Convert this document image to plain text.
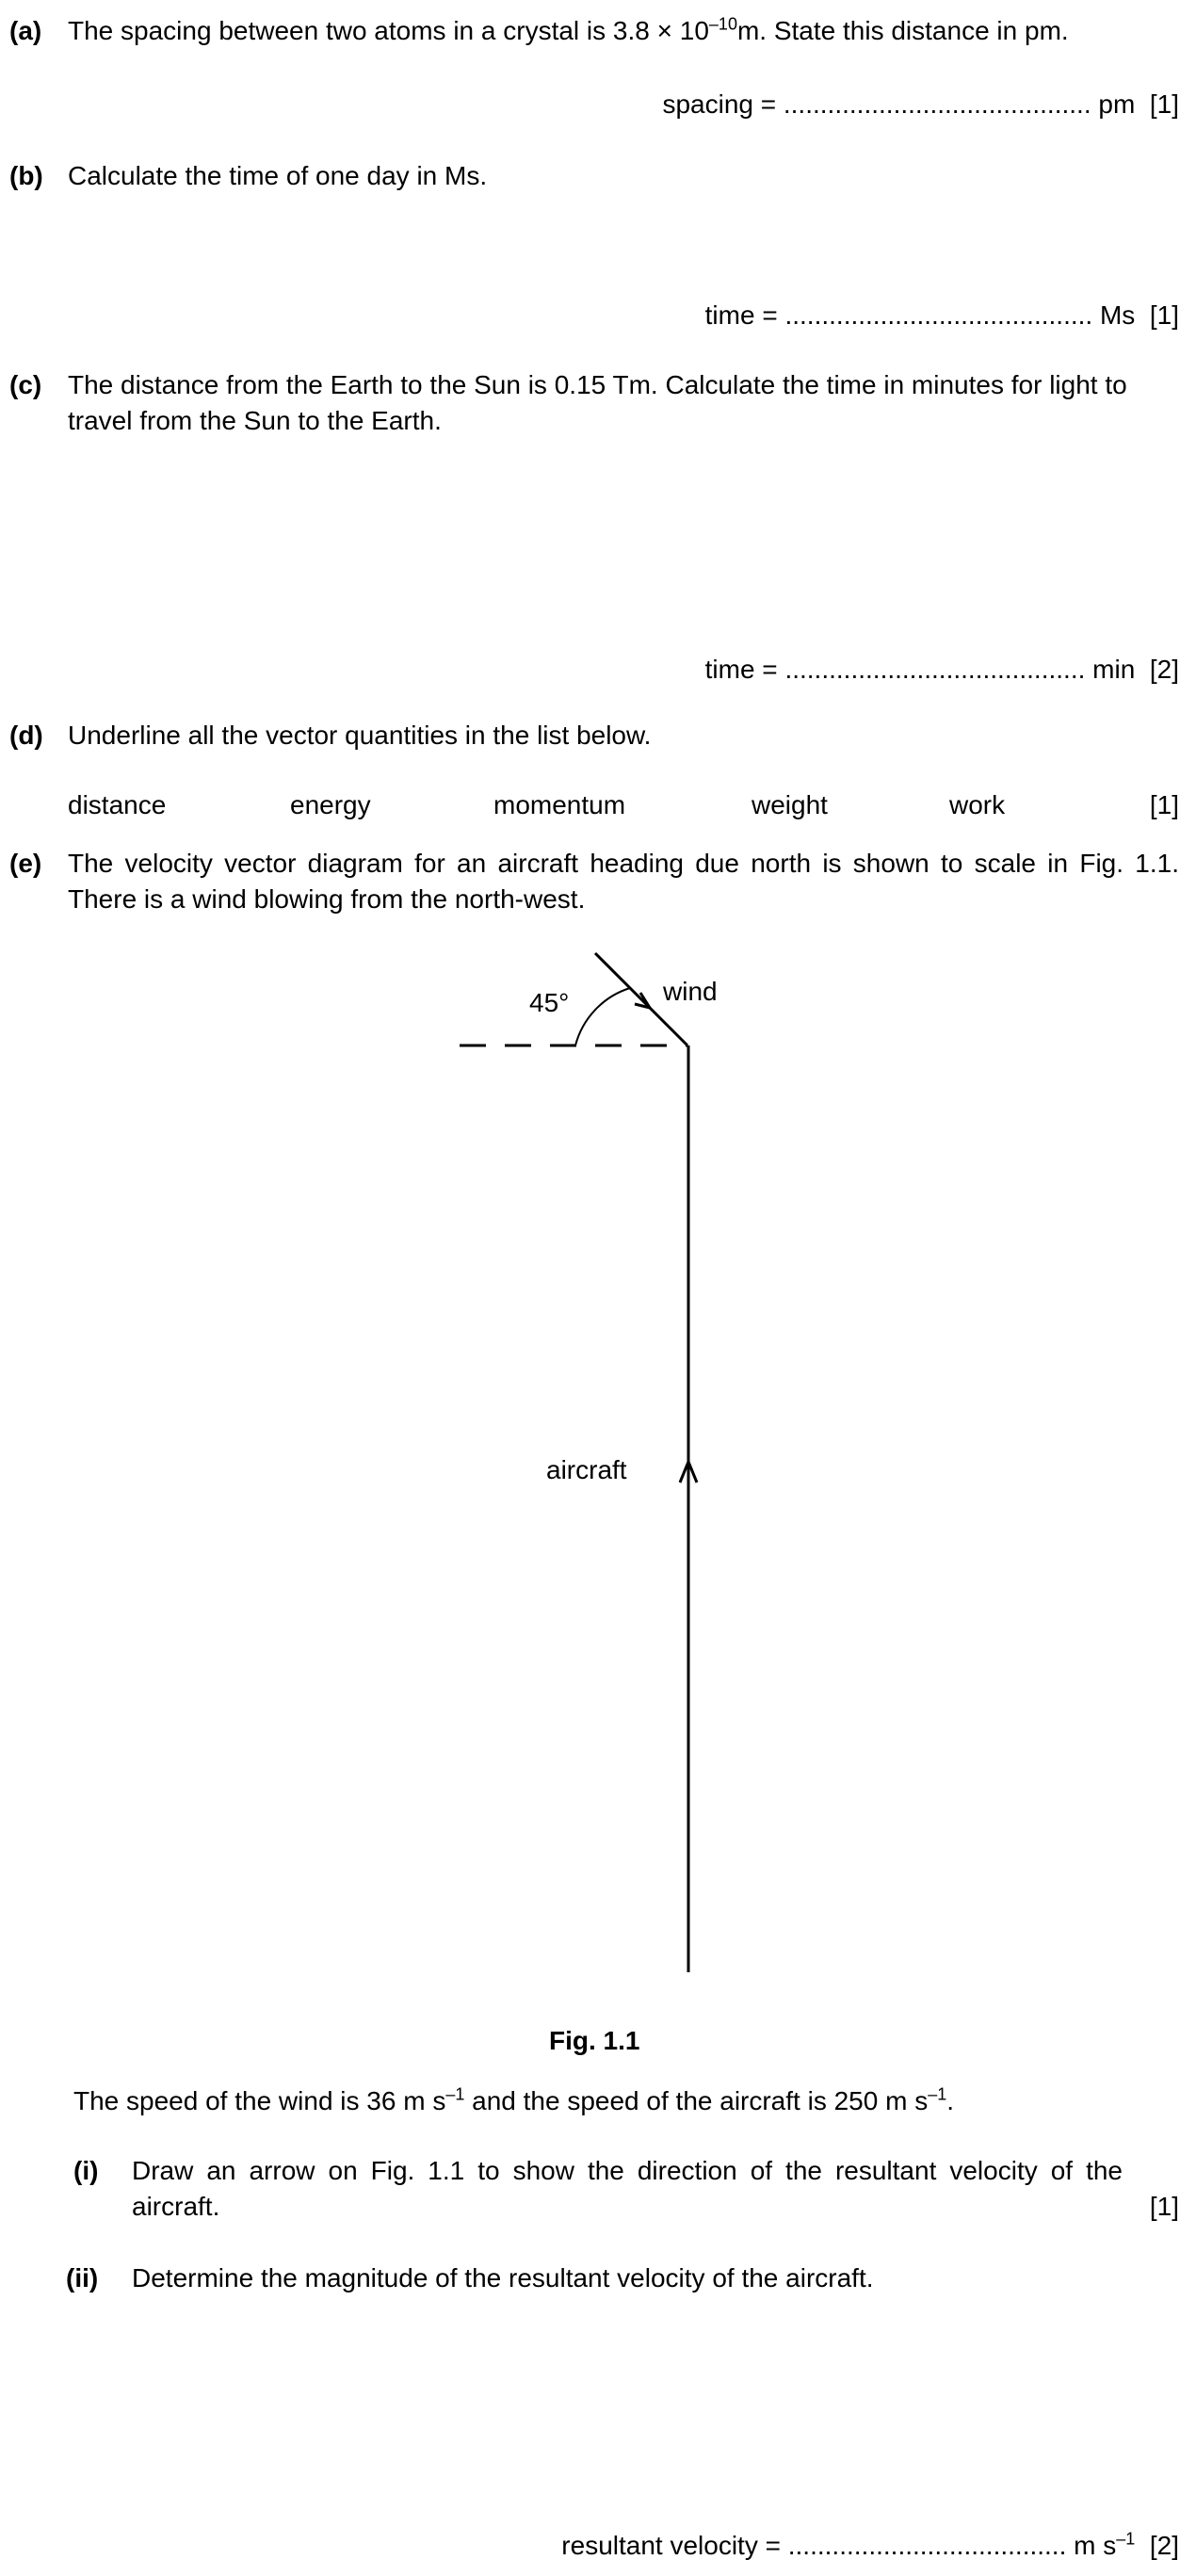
(a) The spacing between two atoms in a crystal is $3.8 \times 10^{-10}m$. State this distance in pm.
spacing = .......................................... pm [1]
(b) Calculate the time of one day in Ms.
time = .......................................... Ms [1]
(c) The distance from the Earth to the Sun is 0.15 Tm. Calculate the time in minutes for light to travel from the Sun to the Earth.
time = ......................................... min [2]
(d) Underline all the vector quantities in the list below.
distance	energy	momentum	weight	work	[1]
(e) The velocity vector diagram for an aircraft heading due north is shown to scale in Fig. 1.1. There is a wind blowing from the north-west.
45°	wind
aircraft
Fig. 1.1
The speed of the wind is 36 m $s^{-1}$ and the speed of the aircraft is 250 m $s^{-1}$.
(i) Draw an arrow on Fig. 1.1 to show the direction of the resultant velocity of the aircraft.	[1]
(ii) Determine the magnitude of the resultant velocity of the aircraft.
resultant velocity = ...................................... m $s^{-1}$ [2]
